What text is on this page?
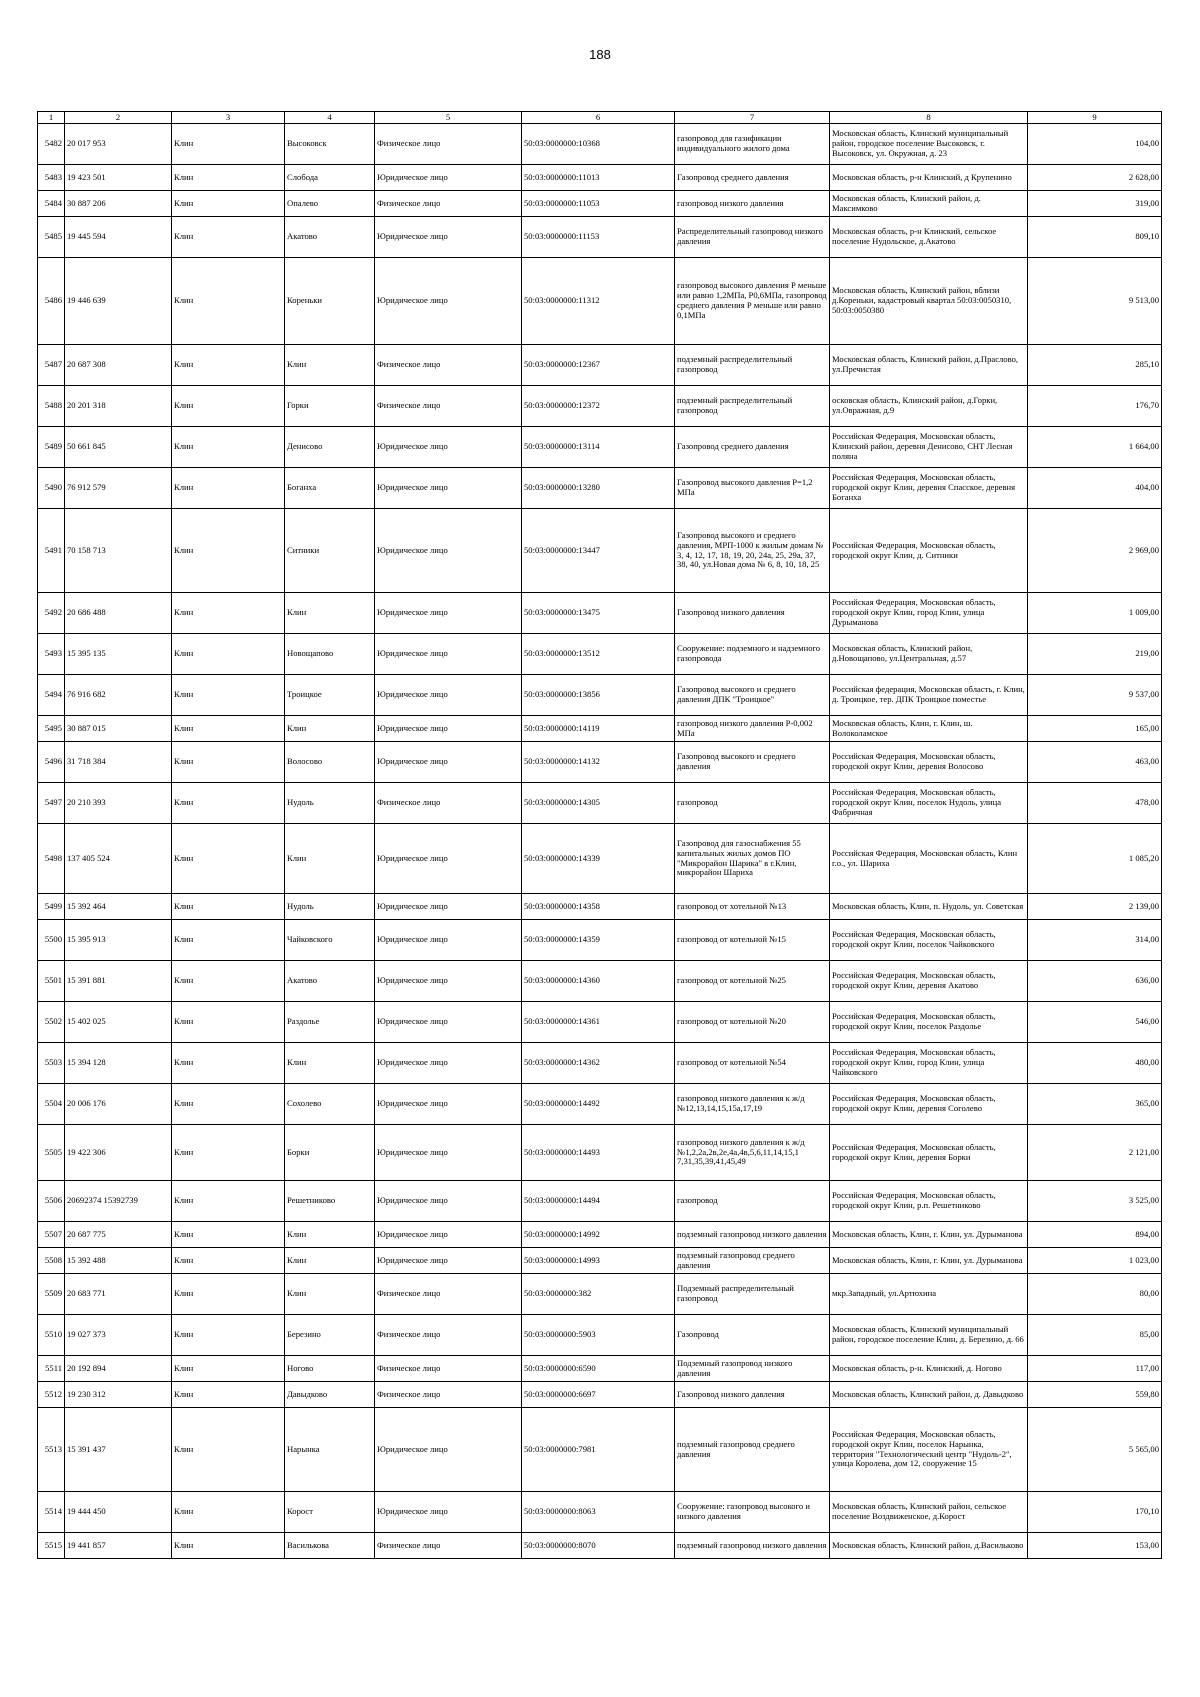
188
1	2	3	4	5	6	7	8	9
5482	20 017 953	Клин	Высоковск	Физическое лицо	50:03:0000000:10368	газопровод для газификации индивидуального жилого дома	Московская область, Клинский муниципальный район, городское поселение Высоковск, г. Высоковск, ул. Окружная, д. 23	104,00
5483	19 423 501	Клин	Слобода	Юридическое лицо	50:03:0000000:11013	Газопровод среднего давления	Московская область, р-н Клинский, д Крупенино	2 628,00
5484	30 887 206	Клин	Опалево	Физическое лицо	50:03:0000000:11053	газопровод низкого давления	Московская область, Клинский район, д. Максимково	319,00
5485	19 445 594	Клин	Акатово	Юридическое лицо	50:03:0000000:11153	Распределительный газопровод низкого давления	Московская область, р-н Клинский, сельское поселение Нудольское, д.Акатово	809,10
5486	19 446 639	Клин	Кореньки	Юридическое лицо	50:03:0000000:11312	газопровод высокого давления Р меньше или равно 1,2МПа, Р0,6МПа, газопровод среднего давления Р меньше или равно 0,1МПа	Московская область, Клинский район, вблизи д.Кореньки, кадастровый квартал 50:03:0050310, 50:03:0050380	9 513,00
5487	20 687 308	Клин	Клин	Физическое лицо	50:03:0000000:12367	подземный распределительный газопровод	Московская область, Клинский район, д.Праслово, ул.Пречистая	285,10
5488	20 201 318	Клин	Горки	Физическое лицо	50:03:0000000:12372	подземный распределительный газопровод	осковская область, Клинский район, д.Горки, ул.Овражная, д.9	176,70
5489	50 661 845	Клин	Денисово	Юридическое лицо	50:03:0000000:13114	Газопровод среднего давления	Российская Федерация, Московская область, Клинский район, деревня Денисово, СНТ Лесная поляна	1 664,00
5490	76 912 579	Клин	Боганха	Юридическое лицо	50:03:0000000:13280	Газопровод высокого давления Р=1,2 МПа	Российская Федерация, Московская область, городской округ Клин, деревня Спасское, деревня Боганха	404,00
5491	70 158 713	Клин	Ситники	Юридическое лицо	50:03:0000000:13447	Газопровод высокого и среднего давления, МРП-1000 к жилым домам № 3, 4, 12, 17, 18, 19, 20, 24а, 25, 29а, 37, 38, 40, ул.Новая дома № 6, 8, 10, 18, 25	Российская Федерация, Московская область, городской округ Клин, д. Ситники	2 969,00
5492	20 686 488	Клин	Клин	Юридическое лицо	50:03:0000000:13475	Газопровод низкого давления	Российская Федерация, Московская область, городской округ Клин, город Клин, улица Дурыманова	1 009,00
5493	15 395 135	Клин	Новощапово	Юридическое лицо	50:03:0000000:13512	Сооружение: подземного и надземного газопровода	Московская область, Клинский район, д.Новощапово, ул.Центральная, д.57	219,00
5494	76 916 682	Клин	Троицкое	Юридическое лицо	50:03:0000000:13856	Газопровод высокого и среднего давления ДПК "Троицкое"	Российская федерация, Московская область, г. Клин, д. Троицкое, тер. ДПК Троицкое поместье	9 537,00
5495	30 887 015	Клин	Клин	Юридическое лицо	50:03:0000000:14119	газопровод низкого давления Р-0,002 МПа	Московская область, Клин, г. Клин, ш. Волоколамское	165,00
5496	31 718 384	Клин	Волосово	Юридическое лицо	50:03:0000000:14132	Газопровод высокого и среднего давления	Российская Федерация, Московская область, городской округ Клин, деревня Волосово	463,00
5497	20 210 393	Клин	Нудоль	Физическое лицо	50:03:0000000:14305	газопровод	Российская Федерация, Московская область, городской округ Клин, поселок Нудоль, улица Фабричная	478,00
5498	137 405 524	Клин	Клин	Юридическое лицо	50:03:0000000:14339	Газопровод для газоснабжения 55 капитальных жилых домов ПО "Микрорайон Шарика" в г.Клин, микрорайон Шариха	Российская Федерация, Московская область, Клин г.о., ул. Шариха	1 085,20
5499	15 392 464	Клин	Нудоль	Юридическое лицо	50:03:0000000:14358	газопровод от хотельной №13	Московская область, Клин, п. Нудоль, ул. Советская	2 139,00
5500	15 395 913	Клин	Чайковского	Юридическое лицо	50:03:0000000:14359	газопровод от котельной №15	Российская Федерация, Московская область, городской округ Клин, поселок Чайковского	314,00
5501	15 391 881	Клин	Акатово	Юридическое лицо	50:03:0000000:14360	газопровод от котельной №25	Российская Федерация, Московская область, городской округ Клин, деревня Акатово	636,00
5502	15 402 025	Клин	Раздолье	Юридическое лицо	50:03:0000000:14361	газопровод от котельной №20	Российская Федерация, Московская область, городской округ Клин, поселок Раздолье	546,00
5503	15 394 128	Клин	Клин	Юридическое лицо	50:03:0000000:14362	газопровод от котельной №54	Российская Федерация, Московская область, городской округ Клин, город Клин, улица Чайковского	480,00
5504	20 006 176	Клин	Сохолево	Юридическое лицо	50:03:0000000:14492	газопровод низкого давления к ж/д №12,13,14,15,15а,17,19	Российская Федерация, Московская область, городской округ Клин, деревня Соголево	365,00
5505	19 422 306	Клин	Борки	Юридическое лицо	50:03:0000000:14493	газопровод низкого давления к ж/д №1,2,2а,2в,2е,4а,4в,5,6,11,14,15,1 7,31,35,39,41,45,49	Российская Федерация, Московская область, городской округ Клин, деревня Борки	2 121,00
5506	20692374 15392739	Клин	Решетниково	Юридическое лицо	50:03:0000000:14494	газопровод	Российская Федерация, Московская область, городской округ Клин, р.п. Решетниково	3 525,00
5507	20 687 775	Клин	Клин	Юридическое лицо	50:03:0000000:14992	подземный газопровод низкого давления	Московская область, Клин, г. Клин, ул. Дурыманова	894,00
5508	15 392 488	Клин	Клин	Юридическое лицо	50:03:0000000:14993	подземный газопровод среднего давления	Московская область, Клин, г. Клин, ул. Дурыманова	1 023,00
5509	20 683 771	Клин	Клин	Физическое лицо	50:03:0000000:382	Подземный распределительный газопровод	мкр.Западный, ул.Артюхина	80,00
5510	19 027 373	Клин	Березино	Физическое лицо	50:03:0000000:5903	Газопровод	Московская область, Клинский муниципальный район, городское поселение Клин, д. Березино, д. 66	85,00
5511	20 192 894	Клин	Ногово	Физическое лицо	50:03:0000000:6590	Подземный газопровод низкого давления	Московская область, р-н. Клинский, д. Ногово	117,00
5512	19 230 312	Клин	Давыдково	Физическое лицо	50:03:0000000:6697	Газопровод низкого давления	Московская область, Клинский район, д. Давыдково	559,80
5513	15 391 437	Клин	Нарынка	Юридическое лицо	50:03:0000000:7981	подземный газопровод среднего давления	Российская Федерация, Московская область, городской округ Клин, поселок Нарынка, территория "Технологический центр "Нудоль-2", улица Королева, дом 12, сооружение 15	5 565,00
5514	19 444 450	Клин	Корост	Юридическое лицо	50:03:0000000:8063	Сооружение: газопровод высокого и низкого давления	Московская область, Клинский район, сельское поселение Воздвиженское, д.Корост	170,10
5515	19 441 857	Клин	Василькова	Физическое лицо	50:03:0000000:8070	подземный газопровод низкого давления	Московская область, Клинский район, д.Васильково	153,00
